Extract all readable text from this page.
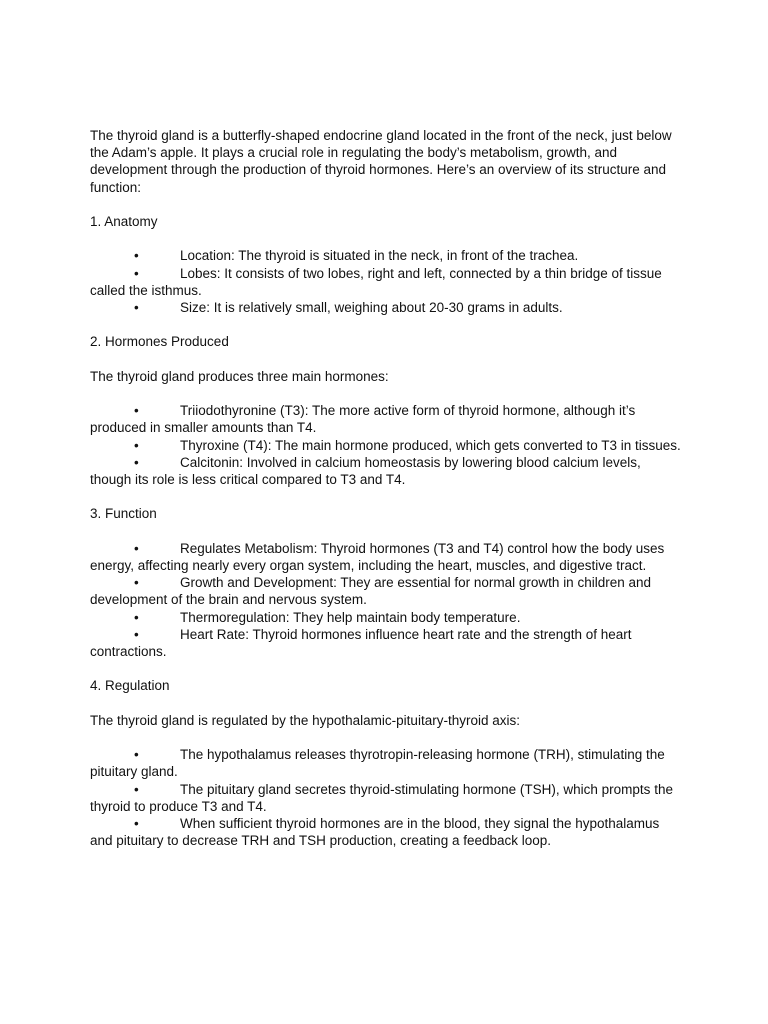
The thyroid gland is a butterfly-shaped endocrine gland located in the front of the neck, just below the Adam’s apple. It plays a crucial role in regulating the body’s metabolism, growth, and development through the production of thyroid hormones. Here’s an overview of its structure and function:

1. Anatomy

•	Location: The thyroid is situated in the neck, in front of the trachea.

•	Lobes: It consists of two lobes, right and left, connected by a thin bridge of tissue called the isthmus.

•	Size: It is relatively small, weighing about 20-30 grams in adults.

2. Hormones Produced

The thyroid gland produces three main hormones:

•	Triiodothyronine (T3): The more active form of thyroid hormone, although it’s produced in smaller amounts than T4.

•	Thyroxine (T4): The main hormone produced, which gets converted to T3 in tissues.

•	Calcitonin: Involved in calcium homeostasis by lowering blood calcium levels, though its role is less critical compared to T3 and T4.

3. Function

•	Regulates Metabolism: Thyroid hormones (T3 and T4) control how the body uses energy, affecting nearly every organ system, including the heart, muscles, and digestive tract.

•	Growth and Development: They are essential for normal growth in children and development of the brain and nervous system.

•	Thermoregulation: They help maintain body temperature.

•	Heart Rate: Thyroid hormones influence heart rate and the strength of heart contractions.

4. Regulation

The thyroid gland is regulated by the hypothalamic-pituitary-thyroid axis:

•	The hypothalamus releases thyrotropin-releasing hormone (TRH), stimulating the pituitary gland.

•	The pituitary gland secretes thyroid-stimulating hormone (TSH), which prompts the thyroid to produce T3 and T4.

•	When sufficient thyroid hormones are in the blood, they signal the hypothalamus and pituitary to decrease TRH and TSH production, creating a feedback loop.
